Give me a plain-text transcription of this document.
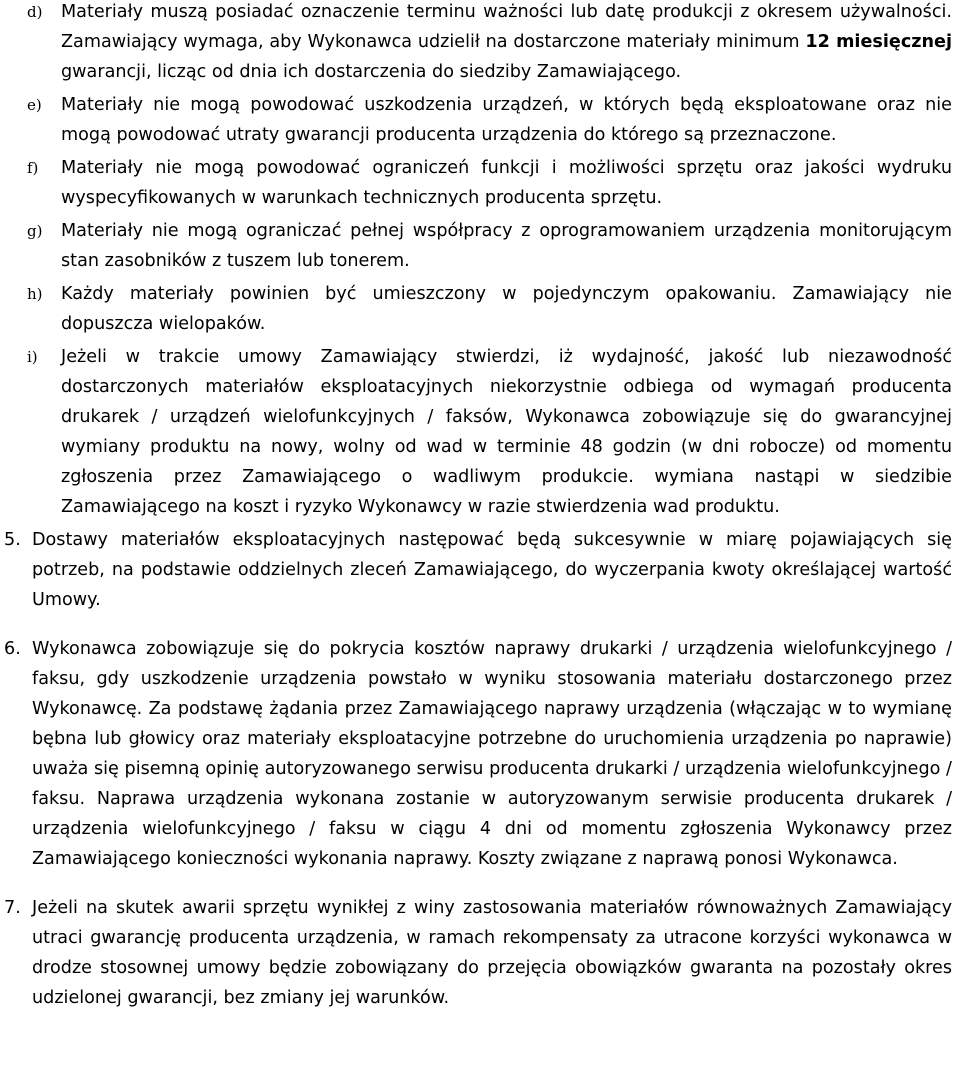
d) Materiały muszą posiadać oznaczenie terminu ważności lub datę produkcji z okresem używalności. Zamawiający wymaga, aby Wykonawca udzielił na dostarczone materiały minimum 12 miesięcznej gwarancji, licząc od dnia ich dostarczenia do siedziby Zamawiającego.

e) Materiały nie mogą powodować uszkodzenia urządzeń, w których będą eksploatowane oraz nie mogą powodować utraty gwarancji producenta urządzenia do którego są przeznaczone.

f) Materiały nie mogą powodować ograniczeń funkcji i możliwości sprzętu oraz jakości wydruku wyspecyfikowanych w warunkach technicznych producenta sprzętu.

g) Materiały nie mogą ograniczać pełnej współpracy z oprogramowaniem urządzenia monitorującym stan zasobników z tuszem lub tonerem.

h) Każdy materiały powinien być umieszczony w pojedynczym opakowaniu. Zamawiający nie dopuszcza wielopaków.

i) Jeżeli w trakcie umowy Zamawiający stwierdzi, iż wydajność, jakość lub niezawodność dostarczonych materiałów eksploatacyjnych niekorzystnie odbiega od wymagań producenta drukarek / urządzeń wielofunkcyjnych / faksów, Wykonawca zobowiązuje się do gwarancyjnej wymiany produktu na nowy, wolny od wad w terminie 48 godzin (w dni robocze) od momentu zgłoszenia przez Zamawiającego o wadliwym produkcie. wymiana nastąpi w siedzibie Zamawiającego na koszt i ryzyko Wykonawcy w razie stwierdzenia wad produktu.

5. Dostawy materiałów eksploatacyjnych następować będą sukcesywnie w miarę pojawiających się potrzeb, na podstawie oddzielnych zleceń Zamawiającego, do wyczerpania kwoty określającej wartość Umowy.

6. Wykonawca zobowiązuje się do pokrycia kosztów naprawy drukarki / urządzenia wielofunkcyjnego / faksu, gdy uszkodzenie urządzenia powstało w wyniku stosowania materiału dostarczonego przez Wykonawcę. Za podstawę żądania przez Zamawiającego naprawy urządzenia (włączając w to wymianę bębna lub głowicy oraz materiały eksploatacyjne potrzebne do uruchomienia urządzenia po naprawie) uważa się pisemną opinię autoryzowanego serwisu producenta drukarki / urządzenia wielofunkcyjnego / faksu. Naprawa urządzenia wykonana zostanie w autoryzowanym serwisie producenta drukarek / urządzenia wielofunkcyjnego / faksu w ciągu 4 dni od momentu zgłoszenia Wykonawcy przez Zamawiającego konieczności wykonania naprawy. Koszty związane z naprawą ponosi Wykonawca.

7. Jeżeli na skutek awarii sprzętu wynikłej z winy zastosowania materiałów równoważnych Zamawiający utraci gwarancję producenta urządzenia, w ramach rekompensaty za utracone korzyści wykonawca w drodze stosownej umowy będzie zobowiązany do przejęcia obowiązków gwaranta na pozostały okres udzielonej gwarancji, bez zmiany jej warunków.
